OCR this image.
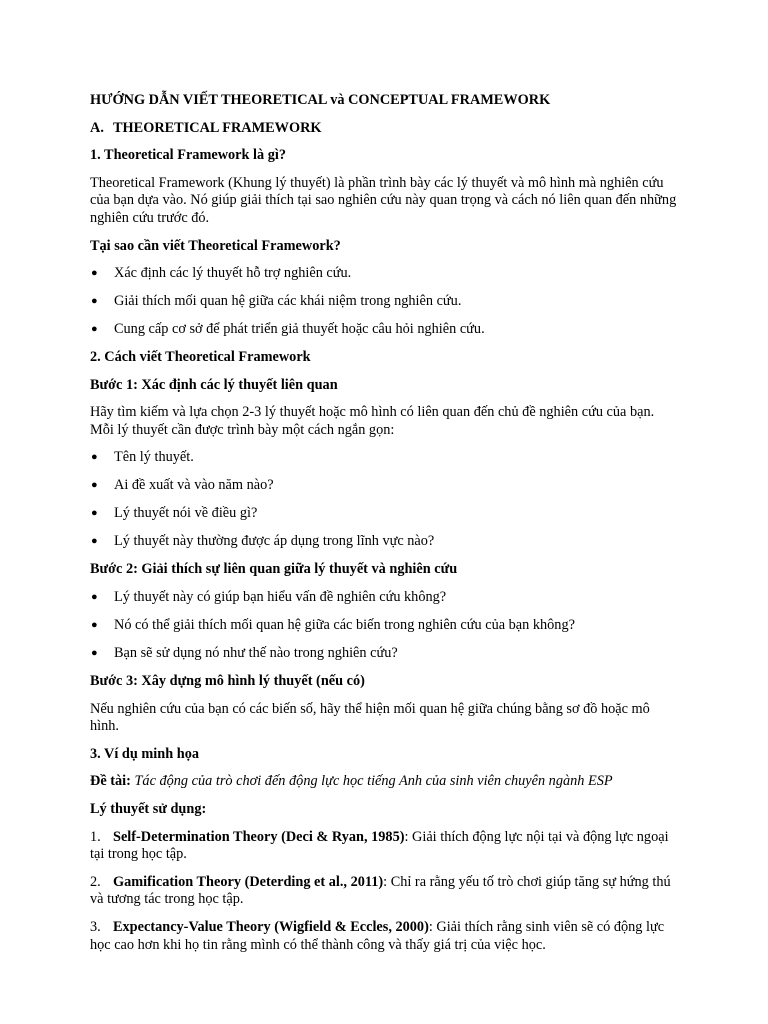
HƯỚNG DẪN VIẾT THEORETICAL và CONCEPTUAL FRAMEWORK

A. THEORETICAL FRAMEWORK

1. Theoretical Framework là gì?

Theoretical Framework (Khung lý thuyết) là phần trình bày các lý thuyết và mô hình mà nghiên cứu của bạn dựa vào. Nó giúp giải thích tại sao nghiên cứu này quan trọng và cách nó liên quan đến những nghiên cứu trước đó.

Tại sao cần viết Theoretical Framework?

● Xác định các lý thuyết hỗ trợ nghiên cứu.
● Giải thích mối quan hệ giữa các khái niệm trong nghiên cứu.
● Cung cấp cơ sở để phát triển giả thuyết hoặc câu hỏi nghiên cứu.

2. Cách viết Theoretical Framework

Bước 1: Xác định các lý thuyết liên quan

Hãy tìm kiếm và lựa chọn 2-3 lý thuyết hoặc mô hình có liên quan đến chủ đề nghiên cứu của bạn. Mỗi lý thuyết cần được trình bày một cách ngắn gọn:

● Tên lý thuyết.
● Ai đề xuất và vào năm nào?
● Lý thuyết nói về điều gì?
● Lý thuyết này thường được áp dụng trong lĩnh vực nào?

Bước 2: Giải thích sự liên quan giữa lý thuyết và nghiên cứu

● Lý thuyết này có giúp bạn hiểu vấn đề nghiên cứu không?
● Nó có thể giải thích mối quan hệ giữa các biến trong nghiên cứu của bạn không?
● Bạn sẽ sử dụng nó như thế nào trong nghiên cứu?

Bước 3: Xây dựng mô hình lý thuyết (nếu có)

Nếu nghiên cứu của bạn có các biến số, hãy thể hiện mối quan hệ giữa chúng bằng sơ đồ hoặc mô hình.

3. Ví dụ minh họa

Đề tài: Tác động của trò chơi đến động lực học tiếng Anh của sinh viên chuyên ngành ESP

Lý thuyết sử dụng:

1. Self-Determination Theory (Deci & Ryan, 1985): Giải thích động lực nội tại và động lực ngoại tại trong học tập.

2. Gamification Theory (Deterding et al., 2011): Chỉ ra rằng yếu tố trò chơi giúp tăng sự hứng thú và tương tác trong học tập.

3. Expectancy-Value Theory (Wigfield & Eccles, 2000): Giải thích rằng sinh viên sẽ có động lực học cao hơn khi họ tin rằng mình có thể thành công và thấy giá trị của việc học.
